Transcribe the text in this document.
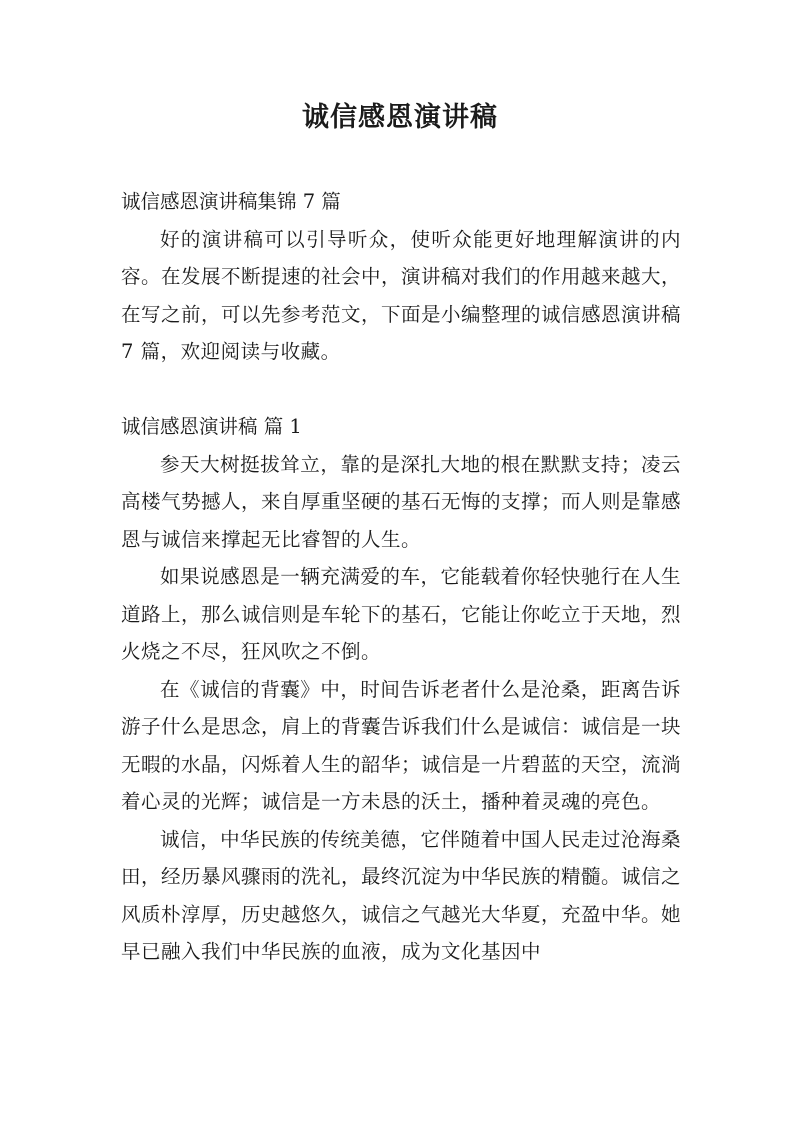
诚信感恩演讲稿

诚信感恩演讲稿集锦 7 篇

好的演讲稿可以引导听众，使听众能更好地理解演讲的内容。在发展不断提速的社会中，演讲稿对我们的作用越来越大，在写之前，可以先参考范文，下面是小编整理的诚信感恩演讲稿 7 篇，欢迎阅读与收藏。

诚信感恩演讲稿 篇 1

参天大树挺拔耸立，靠的是深扎大地的根在默默支持；凌云高楼气势撼人，来自厚重坚硬的基石无悔的支撑；而人则是靠感恩与诚信来撑起无比睿智的人生。

如果说感恩是一辆充满爱的车，它能载着你轻快驰行在人生道路上，那么诚信则是车轮下的基石，它能让你屹立于天地，烈火烧之不尽，狂风吹之不倒。

在《诚信的背囊》中，时间告诉老者什么是沧桑，距离告诉游子什么是思念，肩上的背囊告诉我们什么是诚信：诚信是一块无暇的水晶，闪烁着人生的韶华；诚信是一片碧蓝的天空，流淌着心灵的光辉；诚信是一方未恳的沃土，播种着灵魂的亮色。

诚信，中华民族的传统美德，它伴随着中国人民走过沧海桑田，经历暴风骤雨的洗礼，最终沉淀为中华民族的精髓。诚信之风质朴淳厚，历史越悠久，诚信之气越光大华夏，充盈中华。她早已融入我们中华民族的血液，成为文化基因中
